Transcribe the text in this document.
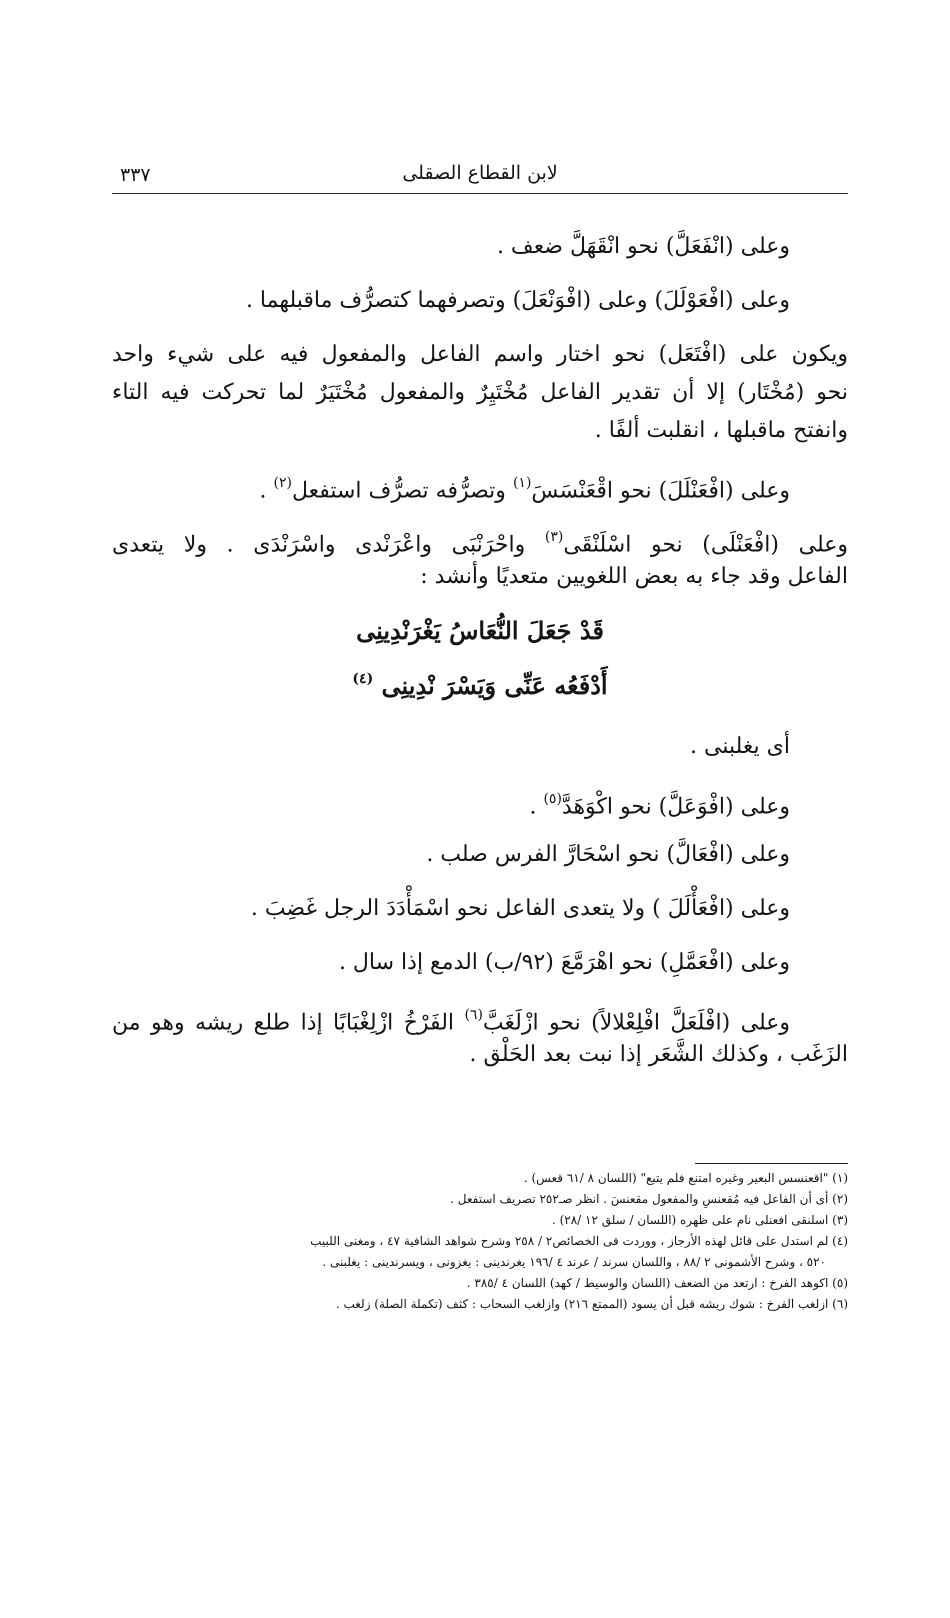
٣٣٧	لابن القطاع الصقلى
وعلى (انْفَعَلَّ) نحو انْقَهَلَّ ضعف .
وعلى (افْعَوْلَلَ) وعلى (افْوَنْعَلَ) وتصرفهما كتصرُّف ماقبلهما .
ويكون على (افْتَعَل) نحو اختار واسم الفاعل والمفعول فيه على شيء واحد
نحو (مُخْتَار) إلا أن تقدير الفاعل مُخْتَيِرٌ والمفعول مُخْتَيَرٌ لما تحركت فيه التاء
وانفتح ماقبلها ، انقلبت ألفًا .
وعلى (افْعَنْلَلَ) نحو اقْعَنْسَسَ$^{(١)}$ وتصرُّفه تصرُّف استفعل$^{(٢)}$ .
وعلى (افْعَنْلَى) نحو اسْلَنْقَى$^{(٣)}$ واحْرَنْبَى واعْرَنْدى واسْرَنْدَى . ولا يتعدى
الفاعل وقد جاء به بعض اللغويين متعديًا وأنشد :
قَدْ جَعَلَ النُّعَاسُ يَغْرَنْدِينِى
أَدْفَعُه عَنِّى وَيَسْرَ نْدِينِى $^{(٤)}$
أى يغلبنى .
وعلى (افْوَعَلَّ) نحو اكْوَهَدَّ$^{(٥)}$ .
وعلى (افْعَالَّ) نحو اسْحَارَّ الفرس صلب .
وعلى (افْعَأْلَلَ ) ولا يتعدى الفاعل نحو اسْمَأْدَدَ الرجل غَضِبَ .
وعلى (افْعَمَّلِ) نحو اهْرَمَّعَ (٩٢/ب) الدمع إذا سال .
وعلى (افْلَعَلَّ افْلِعْلالاً) نحو ازْلَغَبَّ$^{(٦)}$ الفَرْخُ ازْلِغْبَابًا إذا طلع ريشه وهو من
الزَغَب ، وكذلك الشَّعَر إذا نبت بعد الحَلْق .
(١) "اقعنسس البعير وغيره امتنع فلم يتبع" (اللسان ٨ /٦١ قعس) .
(٢) أى أن الفاعل فيه مُقعنسِ والمفعول مقعنسَ . انظر صـ٢٥٢ تصريف استفعل .
(٣) اسلنقى افعنلى نام على ظهره (اللسان / سلق ١٢ /٢٨) .
(٤) لم استدل على قائل لهذه الأرجاز ، ووردت فى الخصائص٢ / ٢٥٨ وشرح شواهد الشافية ٤٧ ، ومغنى اللبيب
٥٢٠ ، وشرح الأشمونى ٢ /٨٨ ، واللسان سرند / عرند ٤ /١٩٦ يغرندينى : يغزونى ، ويسرندينى : يغلبنى .
(٥) اكوهد الفرخ : ارتعد من الضعف (اللسان والوسيط / كهد) اللسان ٤ /٣٨٥ .
(٦) ازلغب الفرخ : شوك ريشه قبل أن يسود (الممتع ٢١٦) وازلغب السحاب : كثف (تكملة الصلة) زلغب .
